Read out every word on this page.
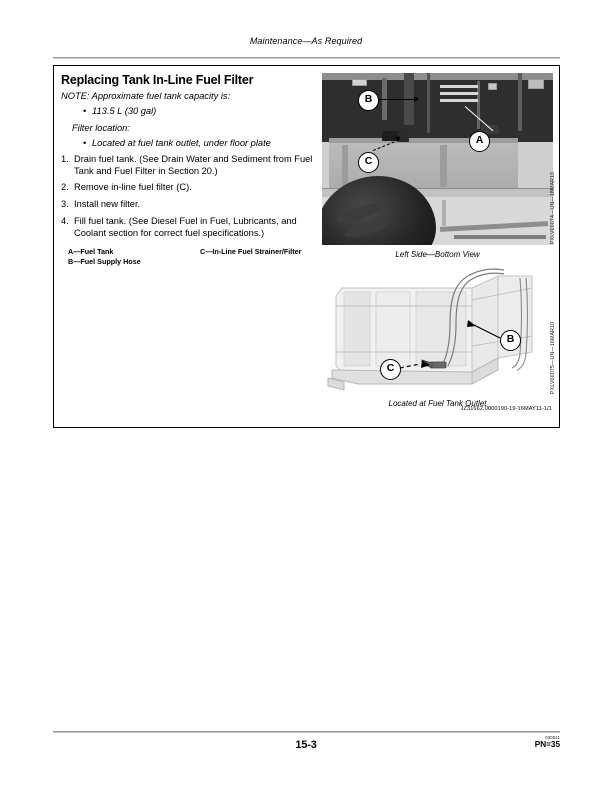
Maintenance—As Required
Replacing Tank In-Line Fuel Filter

NOTE: Approximate fuel tank capacity is:

• 113.5 L (30 gal)

Filter location:

• Located at fuel tank outlet, under floor plate
1. Drain fuel tank. (See Drain Water and Sediment from Fuel Tank and Fuel Filter in Section 20.)
2. Remove in-line fuel filter (C).
3. Install new filter.
4. Fill fuel tank. (See Diesel Fuel in Fuel, Lubricants, and Coolant section for correct fuel specifications.)
A—Fuel Tank
B—Fuel Supply Hose
C—In-Line Fuel Strainer/Filter
B
A
C
Left Side—Bottom View
PXLV00074—UN—18MAR10
B
C
Located at Fuel Tank Outlet
PXLV00075—UN—16MAR10
JZ31662,0000190-19-16MAY11-1/1
15-3
030511
PN=35
